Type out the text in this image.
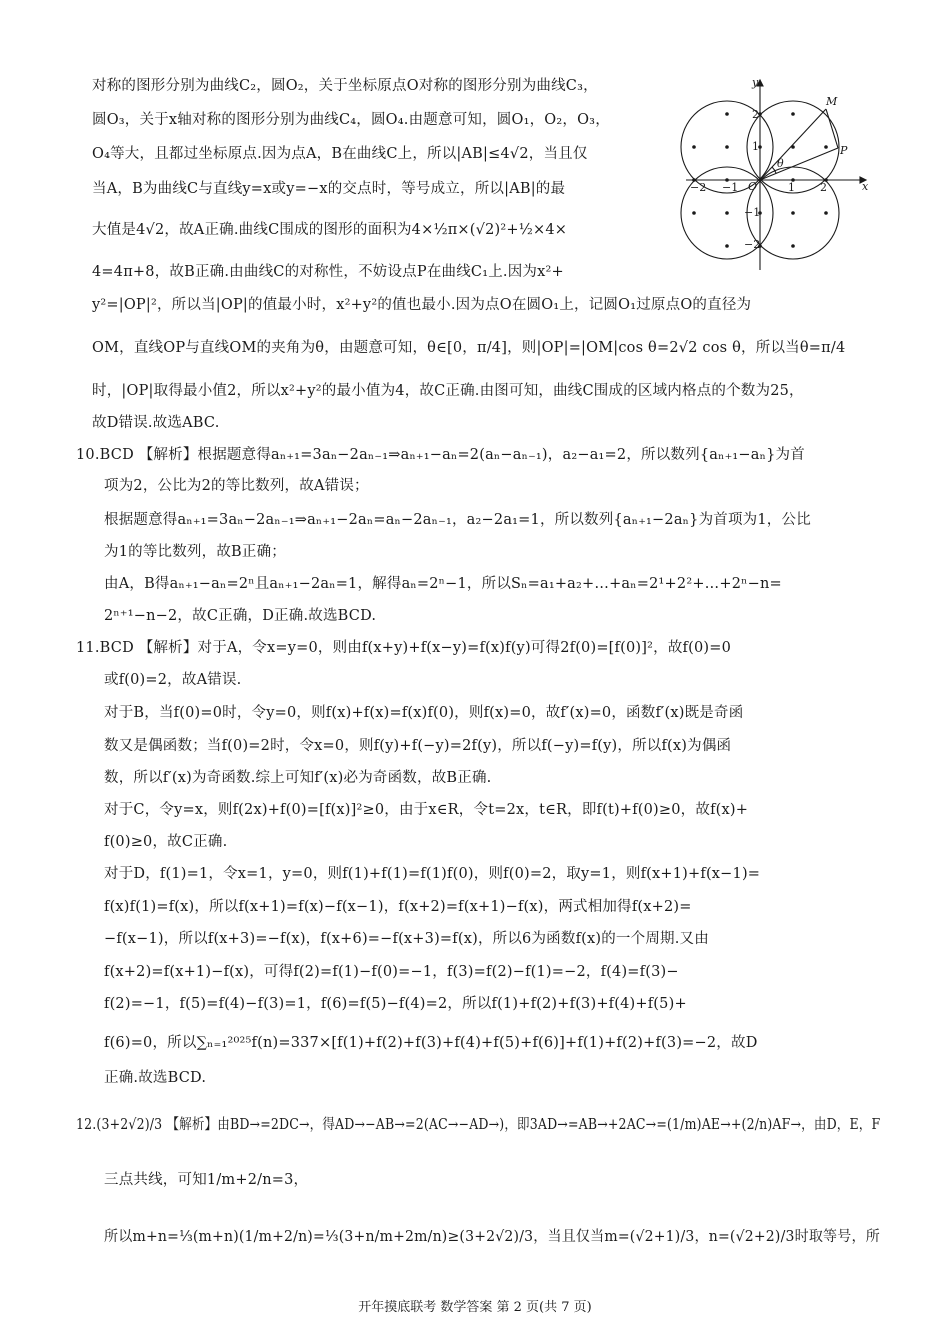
y
M
P
x
O
θ
2
1
−1
−2
−2 −1	1 2

对称的图形分别为曲线C₂，圆O₂，关于坐标原点O对称的图形分别为曲线C₃，

圆O₃，关于x轴对称的图形分别为曲线C₄，圆O₄.由题意可知，圆O₁，O₂，O₃，

O₄等大，且都过坐标原点.因为点A，B在曲线C上，所以|AB|≤4√2，当且仅

当A，B为曲线C与直线y=x或y=−x的交点时，等号成立，所以|AB|的最

大值是4√2，故A正确.曲线C围成的图形的面积为4×½π×(√2)²+½×4×

4=4π+8，故B正确.由曲线C的对称性，不妨设点P在曲线C₁上.因为x²+

y²=|OP|²，所以当|OP|的值最小时，x²+y²的值也最小.因为点O在圆O₁上，记圆O₁过原点O的直径为

OM，直线OP与直线OM的夹角为θ，由题意可知，θ∈[0，π/4]，则|OP|=|OM|cos θ=2√2 cos θ，所以当θ=π/4

时，|OP|取得最小值2，所以x²+y²的最小值为4，故C正确.由图可知，曲线C围成的区域内格点的个数为25，

故D错误.故选ABC.

10.BCD 【解析】根据题意得aₙ₊₁=3aₙ−2aₙ₋₁⇒aₙ₊₁−aₙ=2(aₙ−aₙ₋₁)，a₂−a₁=2，所以数列{aₙ₊₁−aₙ}为首

项为2，公比为2的等比数列，故A错误；

根据题意得aₙ₊₁=3aₙ−2aₙ₋₁⇒aₙ₊₁−2aₙ=aₙ−2aₙ₋₁，a₂−2a₁=1，所以数列{aₙ₊₁−2aₙ}为首项为1，公比

为1的等比数列，故B正确；

由A，B得aₙ₊₁−aₙ=2ⁿ且aₙ₊₁−2aₙ=1，解得aₙ=2ⁿ−1，所以Sₙ=a₁+a₂+…+aₙ=2¹+2²+…+2ⁿ−n=

2ⁿ⁺¹−n−2，故C正确，D正确.故选BCD.

11.BCD 【解析】对于A，令x=y=0，则由f(x+y)+f(x−y)=f(x)f(y)可得2f(0)=[f(0)]²，故f(0)=0

或f(0)=2，故A错误.

对于B，当f(0)=0时，令y=0，则f(x)+f(x)=f(x)f(0)，则f(x)=0，故f′(x)=0，函数f′(x)既是奇函

数又是偶函数；当f(0)=2时，令x=0，则f(y)+f(−y)=2f(y)，所以f(−y)=f(y)，所以f(x)为偶函

数，所以f′(x)为奇函数.综上可知f′(x)必为奇函数，故B正确.

对于C，令y=x，则f(2x)+f(0)=[f(x)]²≥0，由于x∈R，令t=2x，t∈R，即f(t)+f(0)≥0，故f(x)+

f(0)≥0，故C正确.

对于D，f(1)=1，令x=1，y=0，则f(1)+f(1)=f(1)f(0)，则f(0)=2，取y=1，则f(x+1)+f(x−1)=

f(x)f(1)=f(x)，所以f(x+1)=f(x)−f(x−1)，f(x+2)=f(x+1)−f(x)，两式相加得f(x+2)=

−f(x−1)，所以f(x+3)=−f(x)，f(x+6)=−f(x+3)=f(x)，所以6为函数f(x)的一个周期.又由

f(x+2)=f(x+1)−f(x)，可得f(2)=f(1)−f(0)=−1，f(3)=f(2)−f(1)=−2，f(4)=f(3)−

f(2)=−1，f(5)=f(4)−f(3)=1，f(6)=f(5)−f(4)=2，所以f(1)+f(2)+f(3)+f(4)+f(5)+

f(6)=0，所以∑ₙ₌₁²⁰²⁵f(n)=337×[f(1)+f(2)+f(3)+f(4)+f(5)+f(6)]+f(1)+f(2)+f(3)=−2，故D

正确.故选BCD.

12.(3+2√2)/3 【解析】由BD→=2DC→，得AD→−AB→=2(AC→−AD→)，即3AD→=AB→+2AC→=(1/m)AE→+(2/n)AF→，由D，E，F

三点共线，可知1/m+2/n=3，

所以m+n=⅓(m+n)(1/m+2/n)=⅓(3+n/m+2m/n)≥(3+2√2)/3，当且仅当m=(√2+1)/3，n=(√2+2)/3时取等号，所

开年摸底联考 数学答案 第 2 页(共 7 页)
